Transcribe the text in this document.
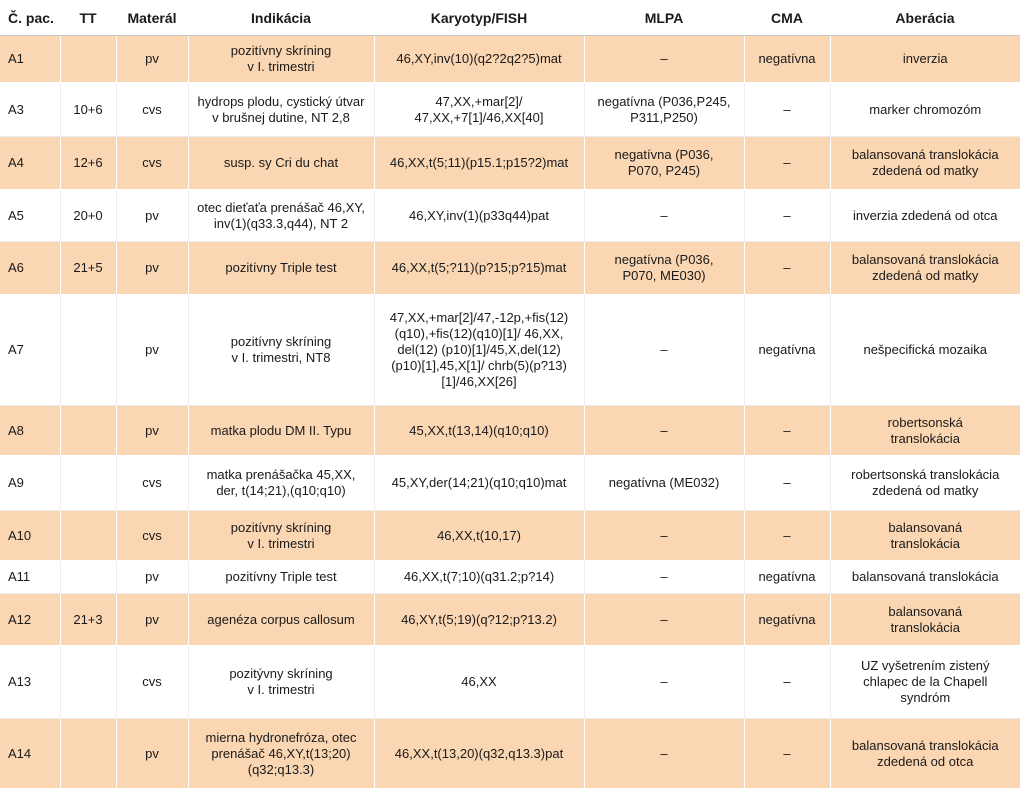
Č. pac.	TT	Materál	Indikácia	Karyotyp/FISH	MLPA	CMA	Aberácia
A1		pv	pozitívny skríning
v I. trimestri	46,XY,inv(10)(q2?2q2?5)mat	–	negatívna	inverzia
A3	10+6	cvs	hydrops plodu, cystický útvar
v brušnej dutine, NT 2,8	47,XX,+mar[2]/
47,XX,+7[1]/46,XX[40]	negatívna (P036,P245,
P311,P250)	–	marker chromozóm
A4	12+6	cvs	susp. sy Cri du chat	46,XX,t(5;11)(p15.1;p15?2)mat	negatívna (P036,
P070, P245)	–	balansovaná translokácia
zdedená od matky
A5	20+0	pv	otec dieťaťa prenášač 46,XY,
inv(1)(q33.3,q44), NT 2	46,XY,inv(1)(p33q44)pat	–	–	inverzia zdedená od otca
A6	21+5	pv	pozitívny Triple test	46,XX,t(5;?11)(p?15;p?15)mat	negatívna (P036,
P070, ME030)	–	balansovaná translokácia
zdedená od matky
A7		pv	pozitívny skríning
v I. trimestri, NT8	47,XX,+mar[2]/47,-12p,+fis(12)
(q10),+fis(12)(q10)[1]/ 46,XX,
del(12) (p10)[1]/45,X,del(12)
(p10)[1],45,X[1]/ chrb(5)(p?13)
[1]/46,XX[26]	–	negatívna	nešpecifická mozaika
A8		pv	matka plodu DM II. Typu	45,XX,t(13,14)(q10;q10)	–	–	robertsonská
translokácia
A9		cvs	matka prenášačka 45,XX,
der, t(14;21),(q10;q10)	45,XY,der(14;21)(q10;q10)mat	negatívna (ME032)	–	robertsonská translokácia
zdedená od matky
A10		cvs	pozitívny skríning
v I. trimestri	46,XX,t(10,17)	–	–	balansovaná
translokácia
A11		pv	pozitívny Triple test	46,XX,t(7;10)(q31.2;p?14)	–	negatívna	balansovaná translokácia
A12	21+3	pv	agenéza corpus callosum	46,XY,t(5;19)(q?12;p?13.2)	–	negatívna	balansovaná
translokácia
A13		cvs	pozitývny skríning
v I. trimestri	46,XX	–	–	UZ vyšetrením zistený
chlapec de la Chapell
syndróm
A14		pv	mierna hydronefróza, otec
prenášač 46,XY,t(13;20)
(q32;q13.3)	46,XX,t(13,20)(q32,q13.3)pat	–	–	balansovaná translokácia
zdedená od otca
